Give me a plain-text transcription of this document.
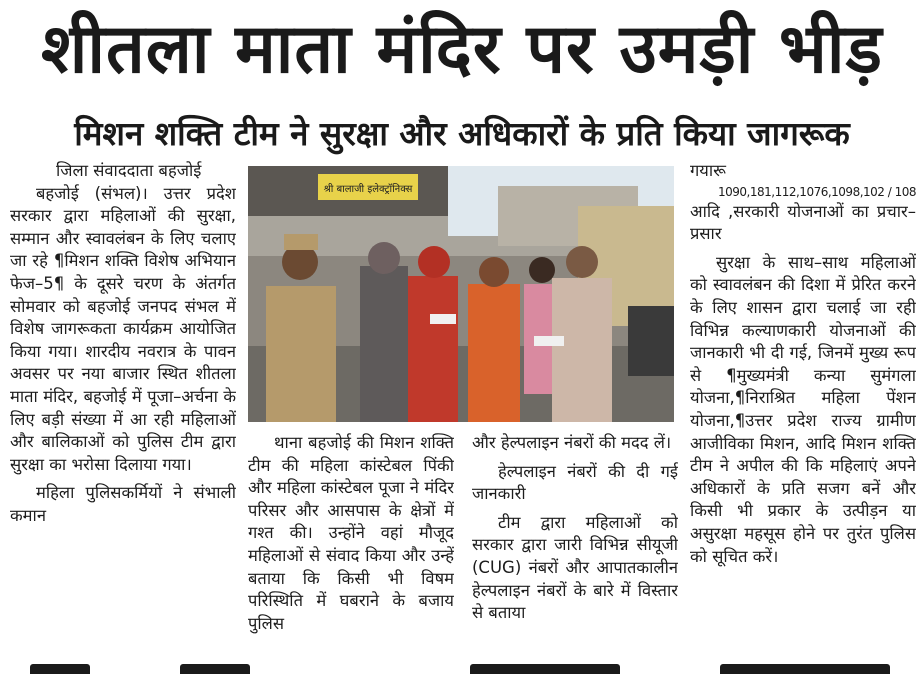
शीतला माता मंदिर पर उमड़ी भीड़
मिशन शक्ति टीम ने सुरक्षा और अधिकारों के प्रति किया जागरूक

जिला संवाददाता बहजोई

बहजोई (संभल)। उत्तर प्रदेश सरकार द्वारा महिलाओं की सुरक्षा, सम्मान और स्वावलंबन के लिए चलाए जा रहे ¶मिशन शक्ति विशेष अभियान फेज–5¶ के दूसरे चरण के अंतर्गत सोमवार को बहजोई जनपद संभल में विशेष जागरूकता कार्यक्रम आयोजित किया गया। शारदीय नवरात्र के पावन अवसर पर नया बाजार स्थित शीतला माता मंदिर, बहजोई में पूजा–अर्चना के लिए बड़ी संख्या में आ रही महिलाओं और बालिकाओं को पुलिस टीम द्वारा सुरक्षा का भरोसा दिलाया गया।

महिला पुलिसकर्मियों ने संभाली कमान

श्री बालाजी इलेक्ट्रॉनिक्स

थाना बहजोई की मिशन शक्ति टीम की महिला कांस्टेबल पिंकी और महिला कांस्टेबल पूजा ने मंदिर परिसर और आसपास के क्षेत्रों में गश्त की। उन्होंने वहां मौजूद महिलाओं से संवाद किया और उन्हें बताया कि किसी भी विषम परिस्थिति में घबराने के बजाय पुलिस

और हेल्पलाइन नंबरों की मदद लें।

हेल्पलाइन नंबरों की दी गई जानकारी

टीम द्वारा महिलाओं को सरकार द्वारा जारी विभिन्न सीयूजी (CUG) नंबरों और आपातकालीन हेल्पलाइन नंबरों के बारे में विस्तार से बताया

गयारू

1090,181,112,1076,1098,102 / 108

आदि ,सरकारी योजनाओं का प्रचार–प्रसार

सुरक्षा के साथ–साथ महिलाओं को स्वावलंबन की दिशा में प्रेरित करने के लिए शासन द्वारा चलाई जा रही विभिन्न कल्याणकारी योजनाओं की जानकारी भी दी गई, जिनमें मुख्य रूप से ¶मुख्यमंत्री कन्या सुमंगला योजना,¶निराश्रित महिला पेंशन योजना,¶उत्तर प्रदेश राज्य ग्रामीण आजीविका मिशन, आदि मिशन शक्ति टीम ने अपील की कि महिलाएं अपने अधिकारों के प्रति सजग बनें और किसी भी प्रकार के उत्पीड़न या असुरक्षा महसूस होने पर तुरंत पुलिस को सूचित करें।
